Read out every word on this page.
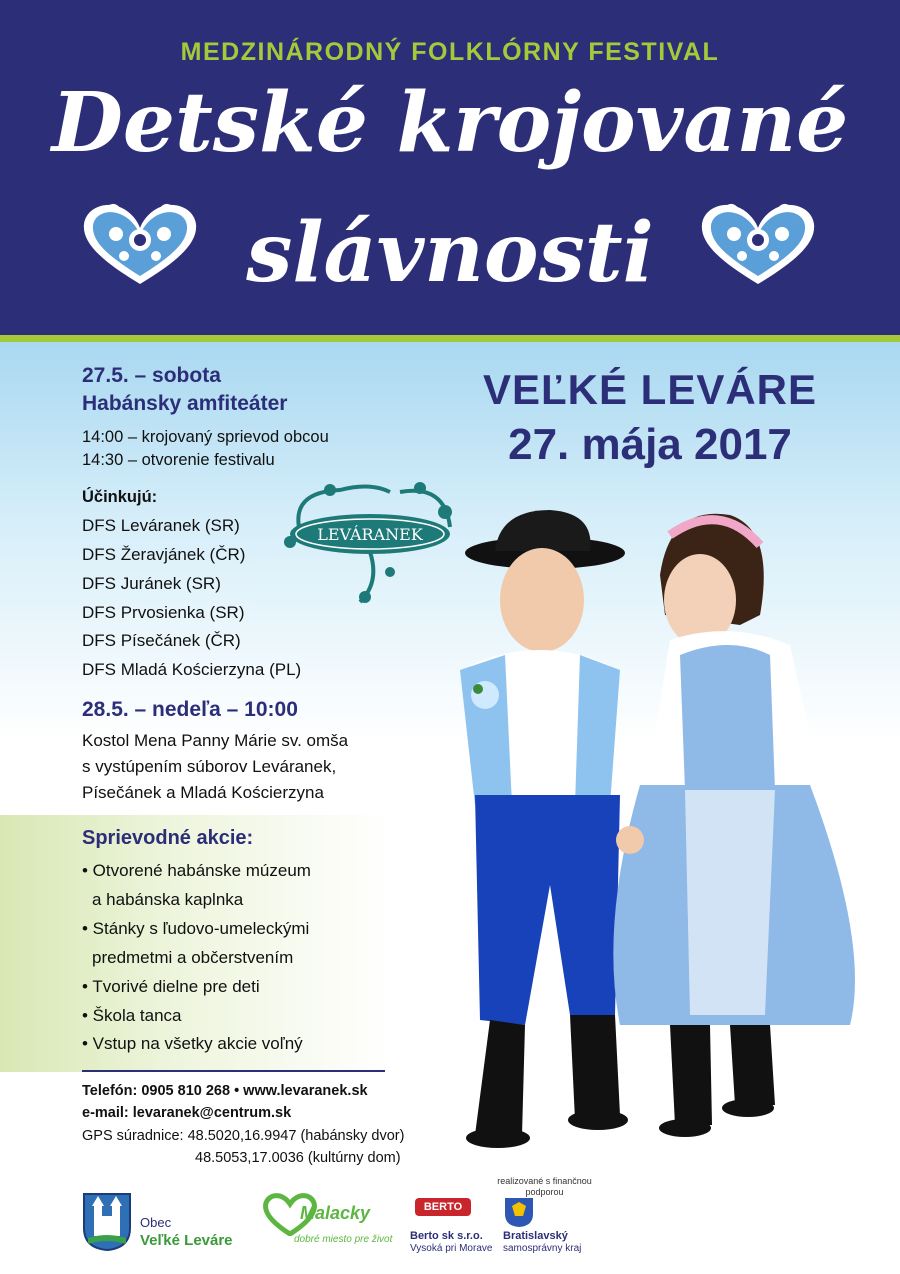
MEDZINÁRODNÝ FOLKLÓRNY FESTIVAL
Detské krojované
slávnosti
VEĽKÉ LEVÁRE
27. mája 2017
27.5. – sobota
Habánsky amfiteáter
14:00 – krojovaný sprievod obcou
14:30 – otvorenie festivalu
Účinkujú:
DFS Leváranek (SR)
DFS Žeravjánek (ČR)
DFS Juránek (SR)
DFS Prvosienka (SR)
DFS Písečánek (ČR)
DFS Mladá Kościerzyna (PL)
LEVÁRANEK
28.5. – nedeľa – 10:00
Kostol Mena Panny Márie sv. omša
s vystúpením súborov Leváranek,
Písečánek a Mladá Kościerzyna
Sprievodné akcie:
• Otvorené habánske múzeum
a habánska kaplnka
• Stánky s ľudovo-umeleckými
predmetmi a občerstvením
• Tvorivé dielne pre deti
• Škola tanca
• Vstup na všetky akcie voľný
Telefón: 0905 810 268 • www.levaranek.sk
e-mail: levaranek@centrum.sk
GPS súradnice: 48.5020,16.9947 (habánsky dvor)
48.5053,17.0036 (kultúrny dom)
Obec
Veľké Leváre
Malacky
dobré miesto pre život
BERTO
Berto sk s.r.o.
Vysoká pri Morave
realizované s finančnou podporou
Bratislavský
samosprávny kraj
